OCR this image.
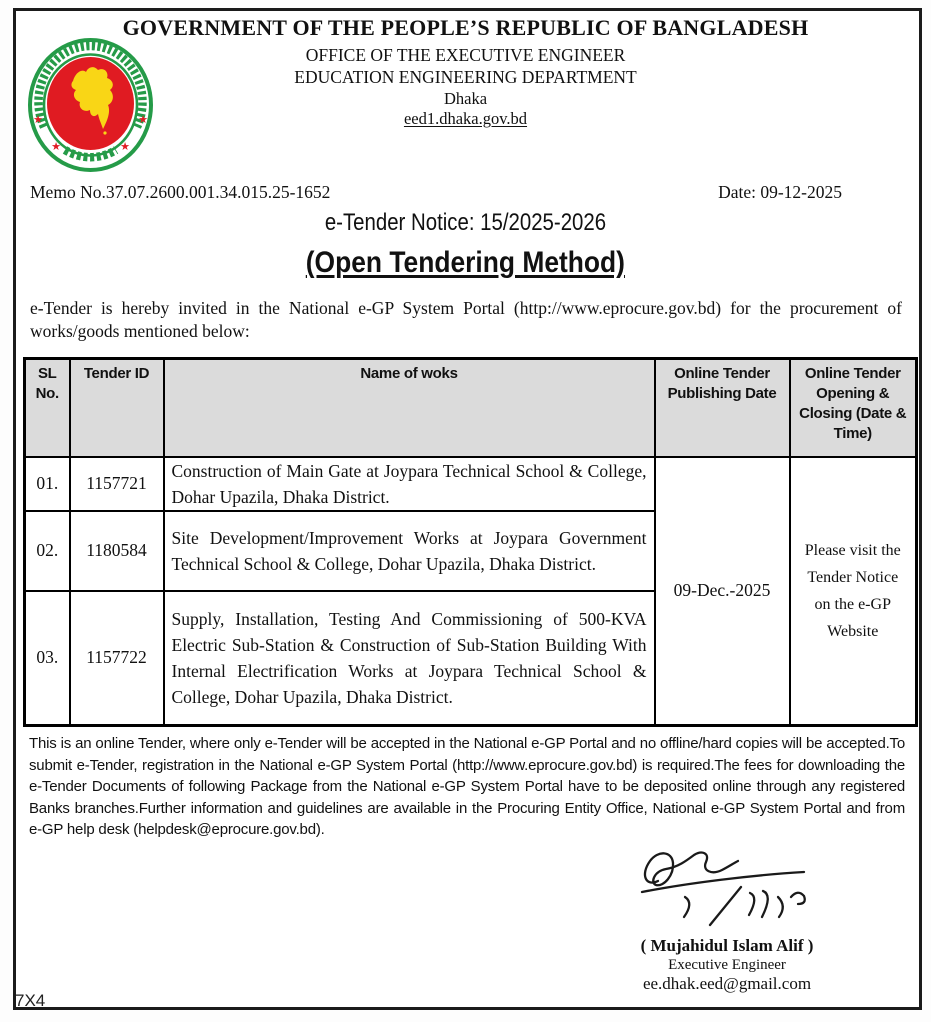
★
★	★
★
GOVERNMENT OF THE PEOPLE’S REPUBLIC OF BANGLADESH
OFFICE OF THE EXECUTIVE ENGINEER
EDUCATION ENGINEERING DEPARTMENT
Dhaka
eed1.dhaka.gov.bd
Memo No.37.07.2600.001.34.015.25-1652	Date: 09-12-2025
e-Tender Notice: 15/2025-2026
(Open Tendering Method)
e-Tender is hereby invited in the National e-GP System Portal (http://www.eprocure.gov.bd) for the procurement of works/goods mentioned below:
SL No.	Tender ID	Name of woks	Online Tender Publishing Date	Online Tender Opening & Closing (Date & Time)
01.	1157721	Construction of Main Gate at Joypara Technical School & College, Dohar Upazila, Dhaka District.	09-Dec.-2025	Please visit the Tender Notice on the e-GP Website
02.	1180584	Site Development/Improvement Works at Joypara Government Technical School & College, Dohar Upazila, Dhaka District.		
03.	1157722	Supply, Installation, Testing And Commissioning of 500-KVA Electric Sub-Station & Construction of Sub-Station Building With Internal Electrification Works at Joypara Technical School & College, Dohar Upazila, Dhaka District.		
This is an online Tender, where only e-Tender will be accepted in the National e-GP Portal and no offline/hard copies will be accepted.To submit e-Tender, registration in the National e-GP System Portal (http://www.eprocure.gov.bd) is required.The fees for downloading the e-Tender Documents of following Package from the National e-GP System Portal have to be deposited online through any registered Banks branches.Further information and guidelines are available in the Procuring Entity Office, National e-GP System Portal and from e-GP help desk (helpdesk@eprocure.gov.bd).
( Mujahidul Islam Alif )
Executive Engineer
ee.dhak.eed@gmail.com
7X4
